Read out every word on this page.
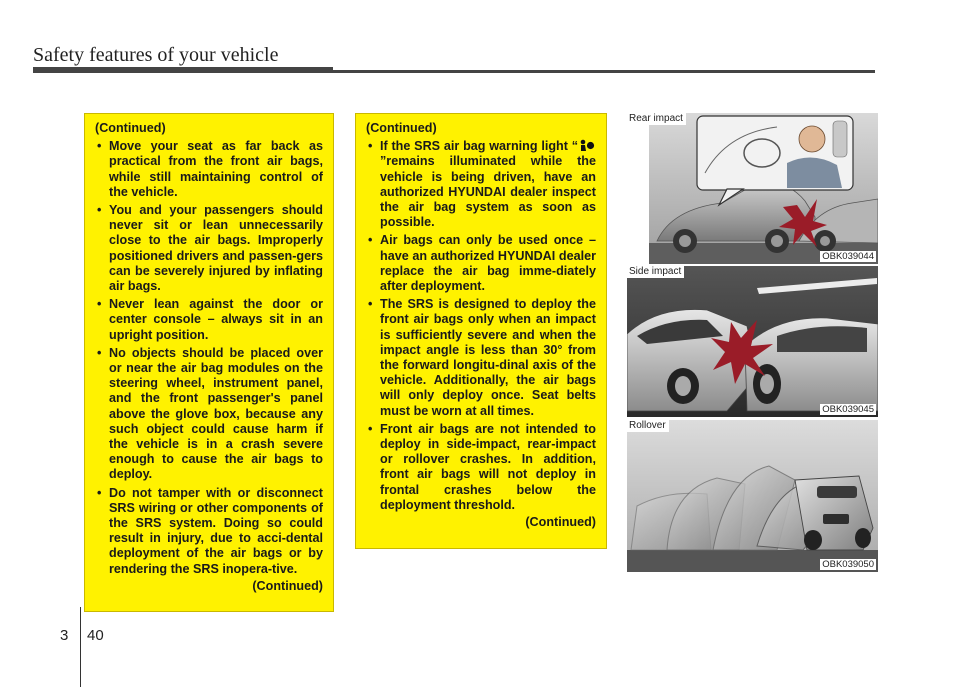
Safety features of your vehicle
(Continued)
• Move your seat as far back as practical from the front air bags, while still maintaining control of the vehicle.
• You and your passengers should never sit or lean unnecessarily close to the air bags. Improperly positioned drivers and passen-gers can be severely injured by inflating air bags.
• Never lean against the door or center console – always sit in an upright position.
• No objects should be placed over or near the air bag modules on the steering wheel, instrument panel, and the front passenger's panel above the glove box, because any such object could cause harm if the vehicle is in a crash severe enough to cause the air bags to deploy.
• Do not tamper with or disconnect SRS wiring or other components of the SRS system. Doing so could result in injury, due to acci-dental deployment of the air bags or by rendering the SRS inopera-tive.
(Continued)
(Continued)
• If the SRS air bag warning light “”remains illuminated while the vehicle is being driven, have an authorized HYUNDAI dealer inspect the air bag system as soon as possible.
• Air bags can only be used once – have an authorized HYUNDAI dealer replace the air bag imme-diately after deployment.
• The SRS is designed to deploy the front air bags only when an impact is sufficiently severe and when the impact angle is less than 30° from the forward longitu-dinal axis of the vehicle. Additionally, the air bags will only deploy once. Seat belts must be worn at all times.
• Front air bags are not intended to deploy in side-impact, rear-impact or rollover crashes. In addition, front air bags will not deploy in frontal crashes below the deployment threshold.
(Continued)
Rear impact
OBK039044
Side impact
OBK039045
Rollover
OBK039050
3 40
